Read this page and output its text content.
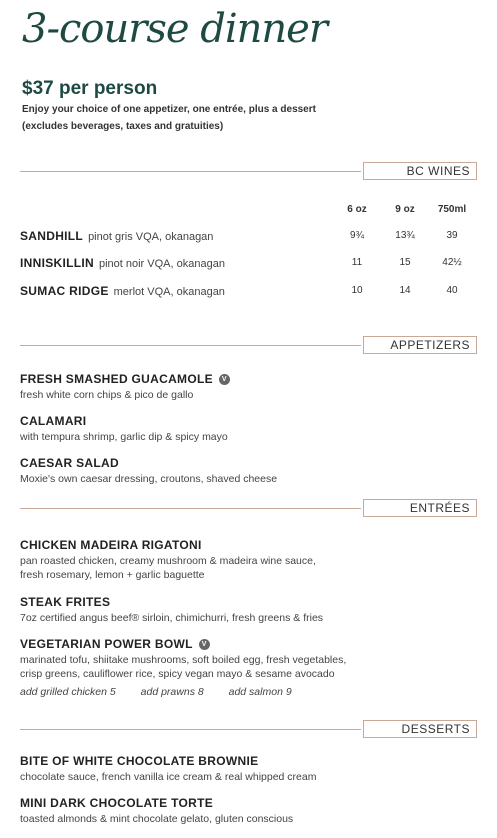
3-course dinner
$37 per person
Enjoy your choice of one appetizer, one entrée, plus a dessert
(excludes beverages, taxes and gratuities)
BC WINES
6 oz	9 oz	750ml
SANDHILL pinot gris VQA, okanagan	9¾	13¾	39
INNISKILLIN pinot noir VQA, okanagan	11	15	42½
SUMAC RIDGE merlot VQA, okanagan	10	14	40
APPETIZERS
FRESH SMASHED GUACAMOLE	V
fresh white corn chips & pico de gallo
CALAMARI
with tempura shrimp, garlic dip & spicy mayo
CAESAR SALAD
Moxie's own caesar dressing, croutons, shaved cheese
ENTRÉES
CHICKEN MADEIRA RIGATONI
pan roasted chicken, creamy mushroom & madeira wine sauce,
fresh rosemary, lemon + garlic baguette
STEAK FRITES
7oz certified angus beef® sirloin, chimichurri, fresh greens & fries
VEGETARIAN POWER BOWL	V
marinated tofu, shiitake mushrooms, soft boiled egg, fresh vegetables,
crisp greens, cauliflower rice, spicy vegan mayo & sesame avocado
add grilled chicken 5 add prawns 8 add salmon 9
DESSERTS
BITE OF WHITE CHOCOLATE BROWNIE
chocolate sauce, french vanilla ice cream & real whipped cream
MINI DARK CHOCOLATE TORTE
toasted almonds & mint chocolate gelato, gluten conscious
